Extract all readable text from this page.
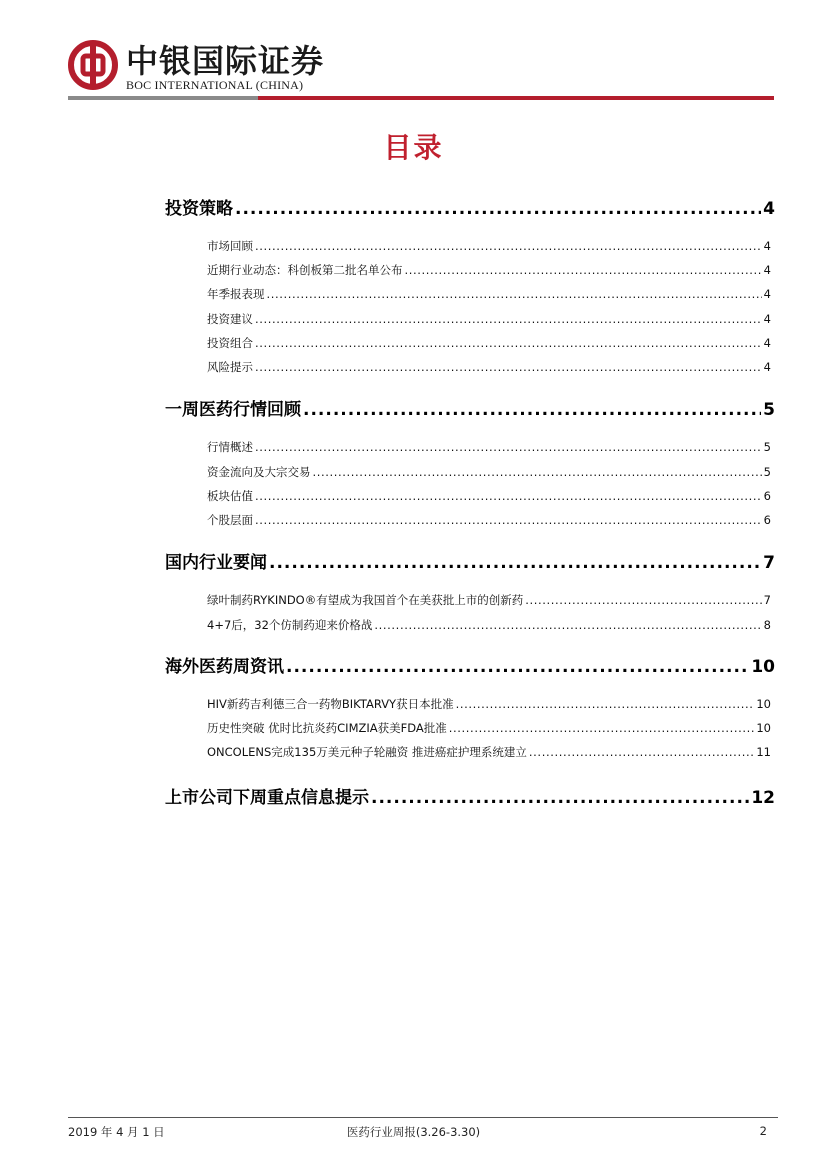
中银国际证券
BOC INTERNATIONAL (CHINA)
目录
投资策略 .....	4
市场回顾 .....	4
近期行业动态：科创板第二批名单公布 .....	4
年季报表现 .....	4
投资建议 .....	4
投资组合 .....	4
风险提示 .....	4
一周医药行情回顾 .....	5
行情概述 .....	5
资金流向及大宗交易 .....	5
板块估值 .....	6
个股层面 .....	6
国内行业要闻 .....	7
绿叶制药RYKINDO®有望成为我国首个在美获批上市的创新药 .....	7
4+7后，32个仿制药迎来价格战 .....	8
海外医药周资讯 .....	10
HIV新药吉利德三合一药物BIKTARVY获日本批准 .....	10
历史性突破 优时比抗炎药CIMZIA获美FDA批准 .....	10
ONCOLENS完成135万美元种子轮融资 推进癌症护理系统建立 .....	11
上市公司下周重点信息提示 .....	12
2019 年 4 月 1 日	医药行业周报(3.26-3.30)	2
